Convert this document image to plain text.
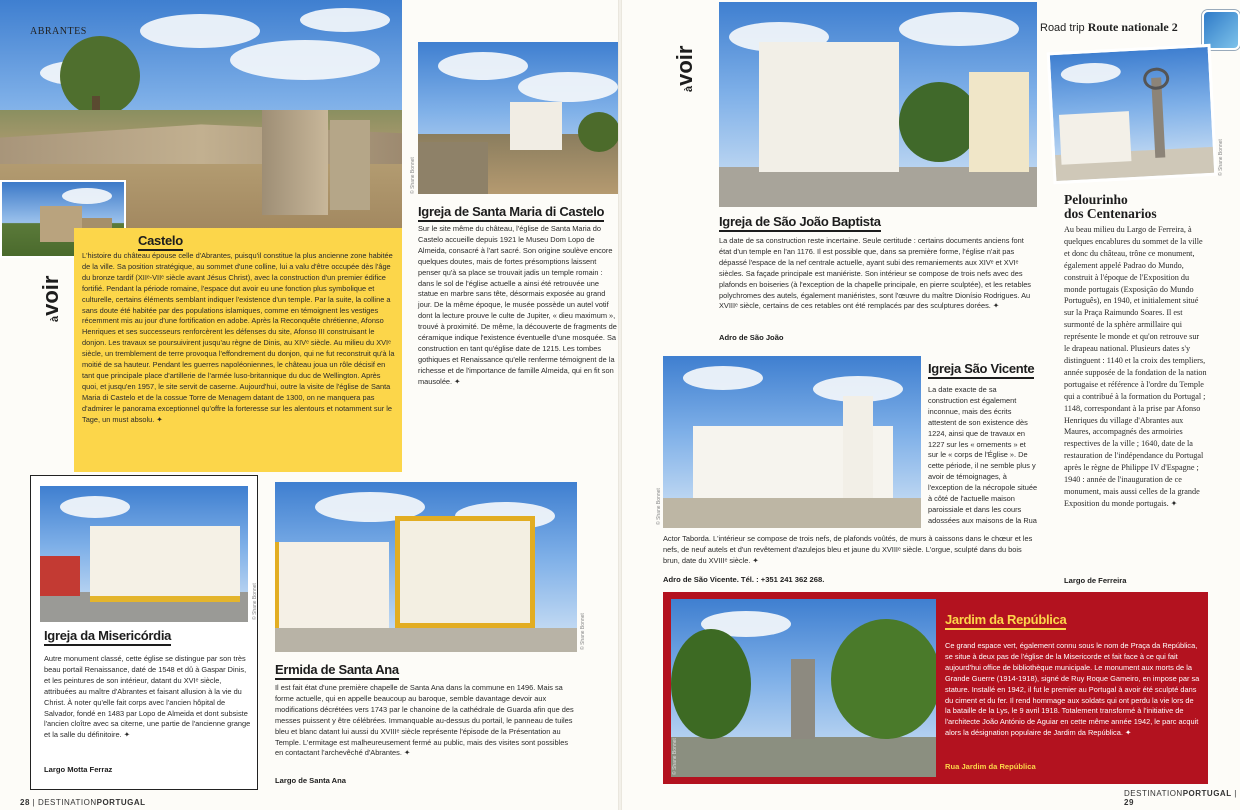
ABRANTES
Castelo
àvoir
L'histoire du château épouse celle d'Abrantes, puisqu'il constitue la plus ancienne zone habitée de la ville. Sa position stratégique, au sommet d'une colline, lui a valu d'être occupée dès l'âge du bronze tardif (XIIᵉ-VIIᵉ siècle avant Jésus Christ), avec la construction d'un premier édifice fortifié. Pendant la période romaine, l'espace dut avoir eu une fonction plus symbolique et culturelle, certains éléments semblant indiquer l'existence d'un temple. Par la suite, la colline a sans doute été habitée par des populations islamiques, comme en témoignent les vestiges récemment mis au jour d'une fortification en adobe. Après la Reconquête chrétienne, Afonso Henriques et ses successeurs renforcèrent les défenses du site, Afonso III construisant le donjon. Les travaux se poursuivirent jusqu'au règne de Dinis, au XIVᵉ siècle. Au milieu du XVIᵉ siècle, un tremblement de terre provoqua l'effondrement du donjon, qui ne fut reconstruit qu'à la moitié de sa hauteur. Pendant les guerres napoléoniennes, le château joua un rôle décisif en tant que principale place d'artillerie de l'armée luso-britannique du duc de Wellington. Après quoi, et jusqu'en 1957, le site servit de caserne. Aujourd'hui, outre la visite de l'église de Santa Maria di Castelo et de la cossue Torre de Menagem datant de 1300, on ne manquera pas d'admirer le panorama exceptionnel qu'offre la forteresse sur les alentours et notamment sur le Tage, un must absolu. ✦
© Shane Bonnet
Igreja de Santa Maria di Castelo
Sur le site même du château, l'église de Santa Maria do Castelo accueille depuis 1921 le Museu Dom Lopo de Almeida, consacré à l'art sacré. Son origine soulève encore quelques doutes, mais de fortes présomptions laissent penser qu'à sa place se trouvait jadis un temple romain : dans le sol de l'église actuelle a ainsi été retrouvée une statue en marbre sans tête, désormais exposée au grand jour. De la même époque, le musée possède un autel votif dont la lecture prouve le culte de Jupiter, « dieu maximum », trouvé à proximité. De même, la découverte de fragments de céramique indique l'existence éventuelle d'une mosquée. Sa construction en tant qu'église date de 1215. Les tombes gothiques et Renaissance qu'elle renferme témoignent de la richesse et de l'importance de famille Almeida, qui en fit son mausolée. ✦
© Shane Bonnet
Igreja da Misericórdia
Autre monument classé, cette église se distingue par son très beau portail Renaissance, daté de 1548 et dû à Gaspar Dinis, et les peintures de son intérieur, datant du XVIᵉ siècle, attribuées au maître d'Abrantes et faisant allusion à la vie du Christ. À noter qu'elle fait corps avec l'ancien hôpital de Salvador, fondé en 1483 par Lopo de Almeida et dont subsiste l'ancien cloître avec sa citerne, une partie de l'ancienne grange et la salle du définitoire. ✦
Largo Motta Ferraz
© Shane Bonnet
Ermida de Santa Ana
Il est fait état d'une première chapelle de Santa Ana dans la commune en 1496. Mais sa forme actuelle, qui en appelle beaucoup au baroque, semble davantage devoir aux modifications décrétées vers 1743 par le chanoine de la cathédrale de Guarda afin que des messes puissent y être célébrées. Immanquable au-dessus du portail, le panneau de tuiles bleu et blanc datant lui aussi du XVIIIᵉ siècle représente l'épisode de la Présentation au Temple. L'ermitage est malheureusement fermé au public, mais des visites sont possibles en contactant l'archevêché d'Abrantes. ✦
Largo de Santa Ana
28 | DESTINATIONPORTUGAL
àvoir
Igreja de São João Baptista
La date de sa construction reste incertaine. Seule certitude : certains documents anciens font état d'un temple en l'an 1176. Il est possible que, dans sa première forme, l'église n'ait pas dépassé l'espace de la nef centrale actuelle, ayant subi des remaniements aux XIVᵉ et XVIᵉ siècles. Sa façade principale est maniériste. Son intérieur se compose de trois nefs avec des plafonds en boiseries (à l'exception de la chapelle principale, en pierre sculptée), et les retables polychromes des autels, également maniéristes, sont l'œuvre du maître Dionísio Rodrigues. Au XVIIIᵉ siècle, certains de ces retables ont été remplacés par des sculptures dorées. ✦
Adro de São João
Road trip Route nationale 2
© Shane Bonnet
Pelourinho
dos Centenarios
Au beau milieu du Largo de Ferreira, à quelques encablures du sommet de la ville et donc du château, trône ce monument, également appelé Padrao do Mundo, construit à l'époque de l'Exposition du monde portugais (Exposição do Mundo Português), en 1940, et initialement situé sur la Praça Raimundo Soares. Il est surmonté de la sphère armillaire qui représente le monde et qu'on retrouve sur le drapeau national. Plusieurs dates s'y distinguent : 1140 et la croix des templiers, année supposée de la fondation de la nation portugaise et référence à l'ordre du Temple qui a contribué à la formation du Portugal ; 1148, correspondant à la prise par Afonso Henriques du village d'Abrantes aux Maures, accompagnés des armoiries respectives de la ville ; 1640, date de la restauration de l'indépendance du Portugal après le règne de Philippe IV d'Espagne ; 1940 : année de l'inauguration de ce monument, mais aussi celles de la grande Exposition du monde portugais. ✦
Largo de Ferreira
© Shane Bonnet
Igreja São Vicente
La date exacte de sa construction est également inconnue, mais des écrits attestent de son existence dès 1224, ainsi que de travaux en 1227 sur les « ornements » et sur le « corps de l'Église ». De cette période, il ne semble plus y avoir de témoignages, à l'exception de la nécropole située à côté de l'actuelle maison paroissiale et dans les cours adossées aux maisons de la Rua
Actor Taborda. L'intérieur se compose de trois nefs, de plafonds voûtés, de murs à caissons dans le chœur et les nefs, de neuf autels et d'un revêtement d'azulejos bleu et jaune du XVIIIᵉ siècle. L'orgue, sculpté dans du bois brun, date du XVIIIᵉ siècle. ✦
Adro de São Vicente. Tél. : +351 241 362 268.
© Shane Bonnet
Jardim da República
Ce grand espace vert, également connu sous le nom de Praça da República, se situe à deux pas de l'église de la Misericorde et fait face à ce qui fait aujourd'hui office de bibliothèque municipale. Le monument aux morts de la Grande Guerre (1914-1918), signé de Ruy Roque Gameiro, en impose par sa stature. Installé en 1942, il fut le premier au Portugal à avoir été sculpté dans du ciment et du fer. Il rend hommage aux soldats qui ont perdu la vie lors de la bataille de la Lys, le 9 avril 1918. Totalement transformé à l'initiative de l'architecte João António de Aguiar en cette même année 1942, le parc acquit alors la désignation populaire de Jardim da República. ✦
Rua Jardim da República
DESTINATIONPORTUGAL | 29
